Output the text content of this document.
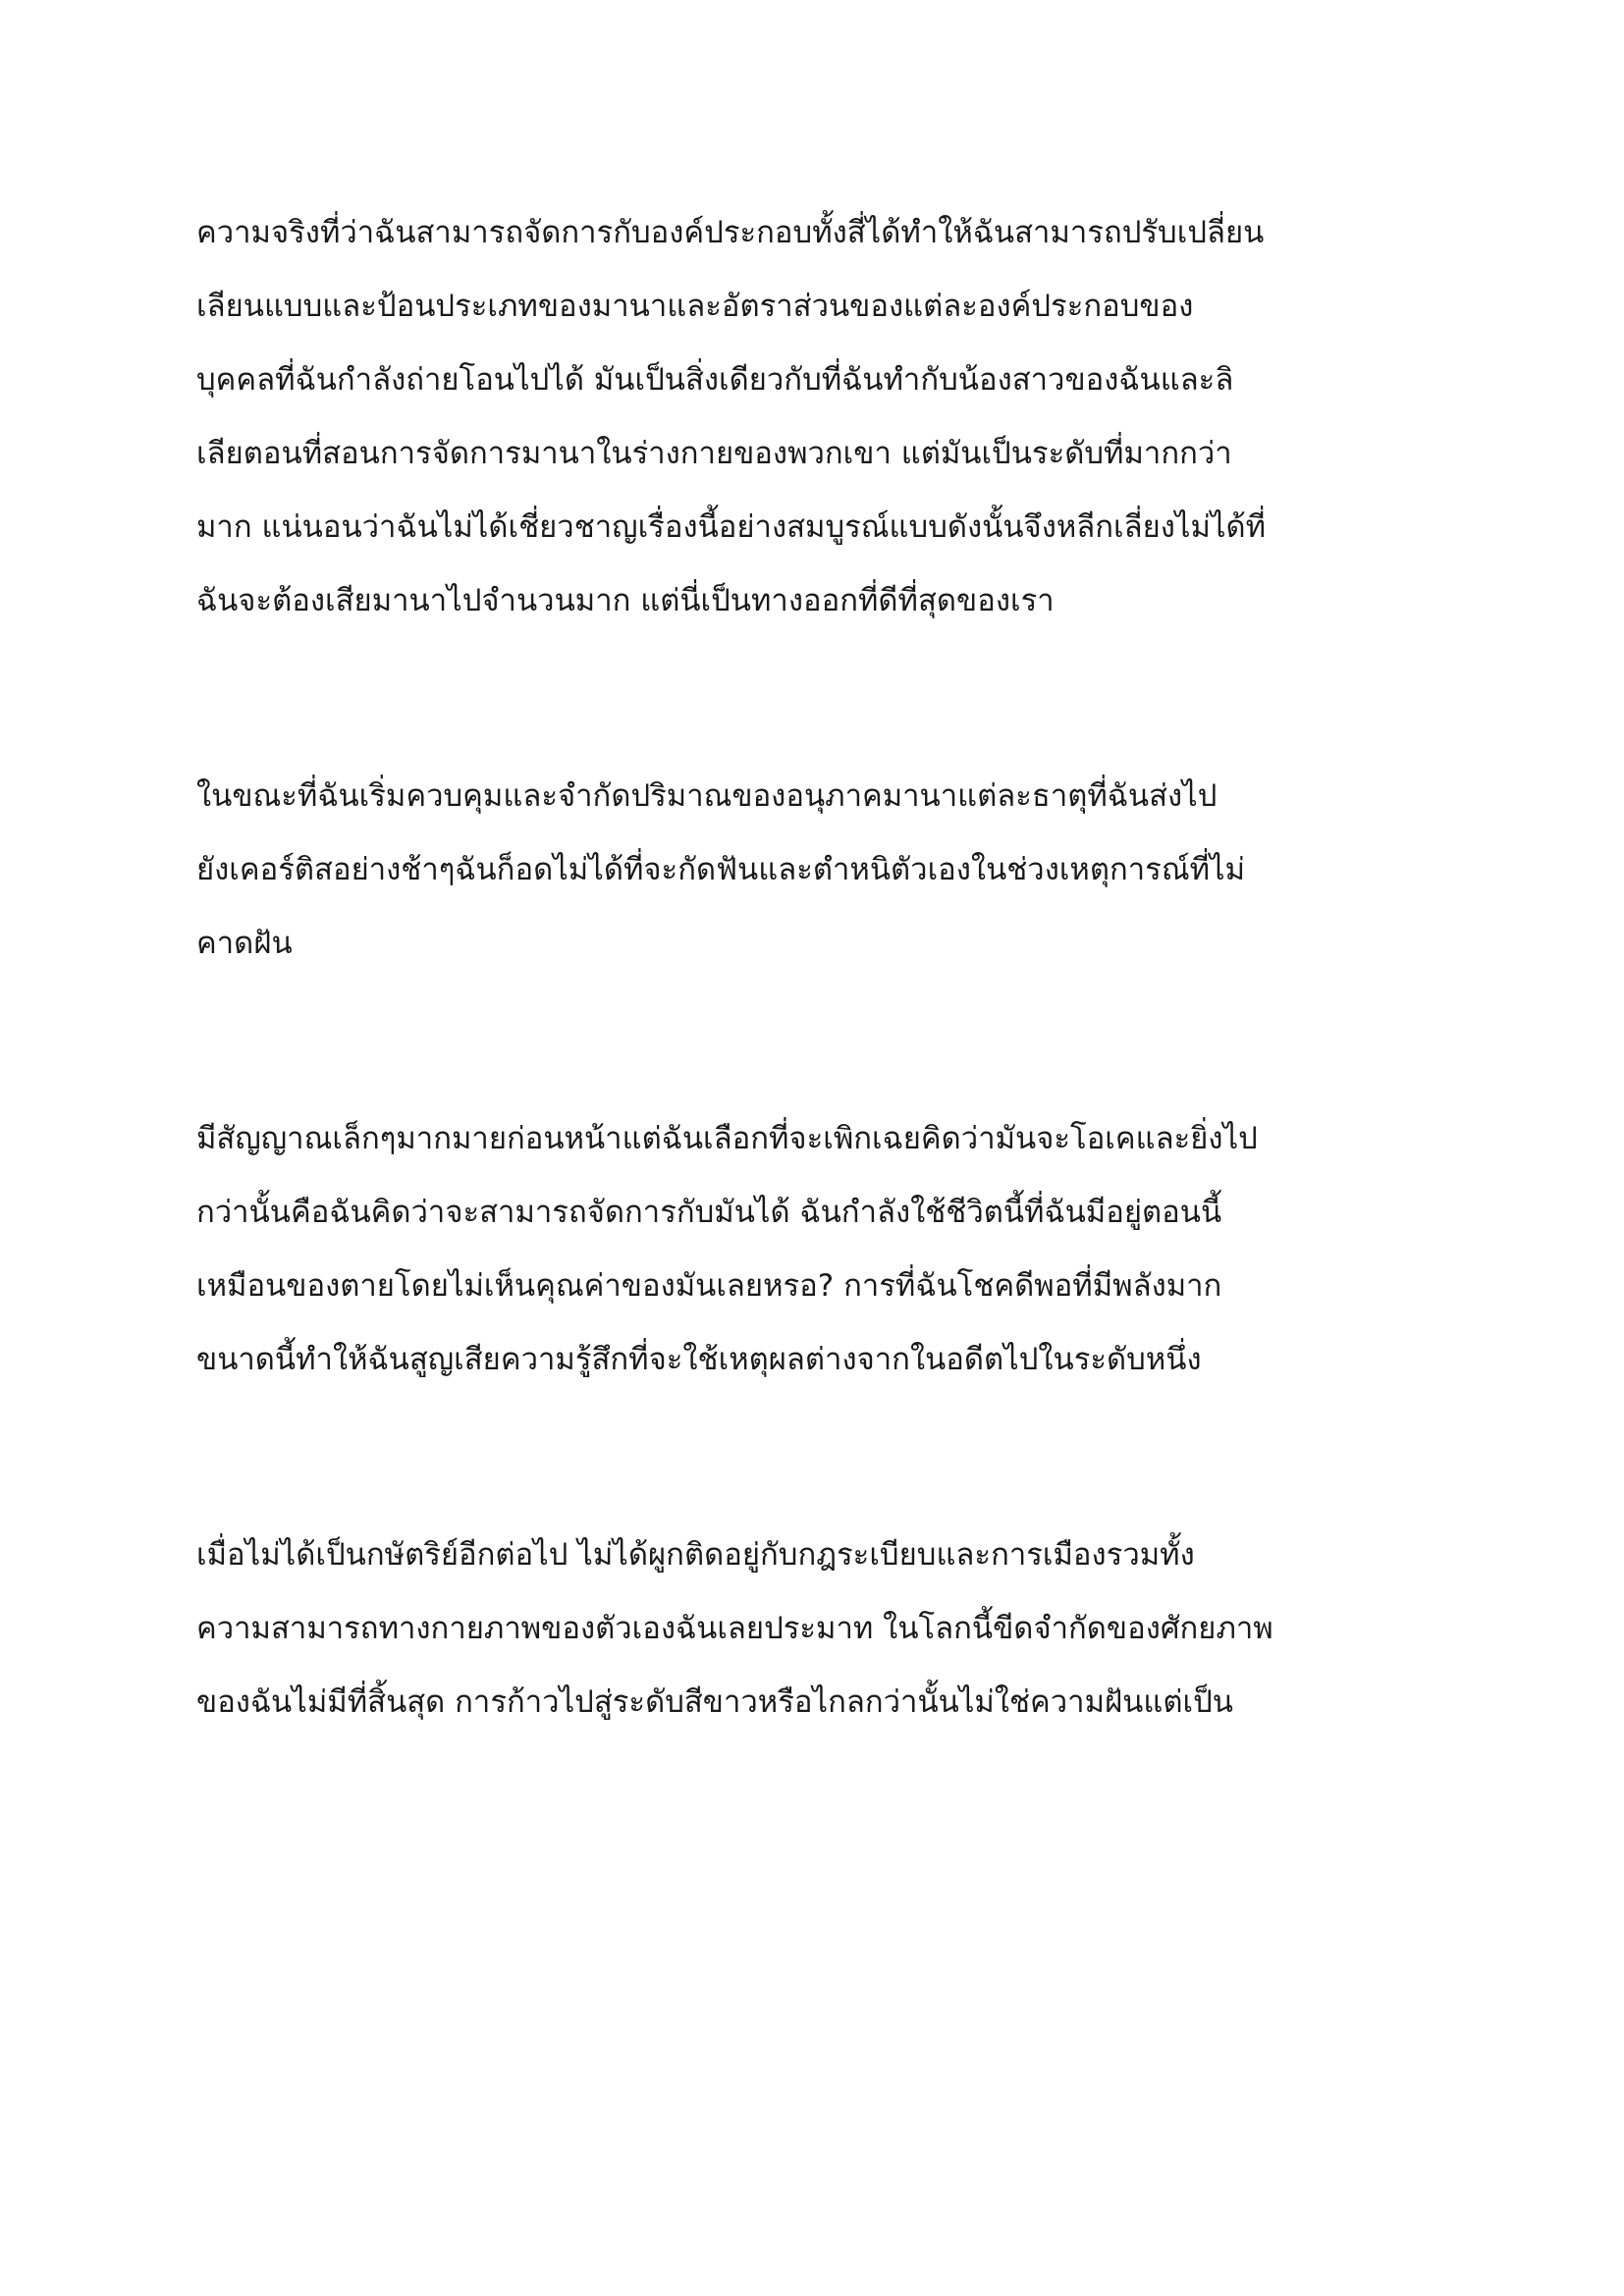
ความจริงที่ว่าฉันสามารถจัดการกับองค์ประกอบทั้งสี่ได้ทำให้ฉันสามารถปรับเปลี่ยน
เลียนแบบและป้อนประเภทของมานาและอัตราส่วนของแต่ละองค์ประกอบของ
บุคคลที่ฉันกำลังถ่ายโอนไปได้ มันเป็นสิ่งเดียวกับที่ฉันทำกับน้องสาวของฉันและลิ
เลียตอนที่สอนการจัดการมานาในร่างกายของพวกเขา แต่มันเป็นระดับที่มากกว่า
มาก แน่นอนว่าฉันไม่ได้เชี่ยวชาญเรื่องนี้อย่างสมบูรณ์แบบดังนั้นจึงหลีกเลี่ยงไม่ได้ที่
ฉันจะต้องเสียมานาไปจำนวนมาก แต่นี่เป็นทางออกที่ดีที่สุดของเรา

ในขณะที่ฉันเริ่มควบคุมและจำกัดปริมาณของอนุภาคมานาแต่ละธาตุที่ฉันส่งไป
ยังเคอร์ติสอย่างช้าๆฉันก็อดไม่ได้ที่จะกัดฟันและตำหนิตัวเองในช่วงเหตุการณ์ที่ไม่
คาดฝัน

มีสัญญาณเล็กๆมากมายก่อนหน้าแต่ฉันเลือกที่จะเพิกเฉยคิดว่ามันจะโอเคและยิ่งไป
กว่านั้นคือฉันคิดว่าจะสามารถจัดการกับมันได้ ฉันกำลังใช้ชีวิตนี้ที่ฉันมีอยู่ตอนนี้
เหมือนของตายโดยไม่เห็นคุณค่าของมันเลยหรอ? การที่ฉันโชคดีพอที่มีพลังมาก
ขนาดนี้ทำให้ฉันสูญเสียความรู้สึกที่จะใช้เหตุผลต่างจากในอดีตไปในระดับหนึ่ง

เมื่อไม่ได้เป็นกษัตริย์อีกต่อไป ไม่ได้ผูกติดอยู่กับกฎระเบียบและการเมืองรวมทั้ง
ความสามารถทางกายภาพของตัวเองฉันเลยประมาท ในโลกนี้ขีดจำกัดของศักยภาพ
ของฉันไม่มีที่สิ้นสุด การก้าวไปสู่ระดับสีขาวหรือไกลกว่านั้นไม่ใช่ความฝันแต่เป็น
